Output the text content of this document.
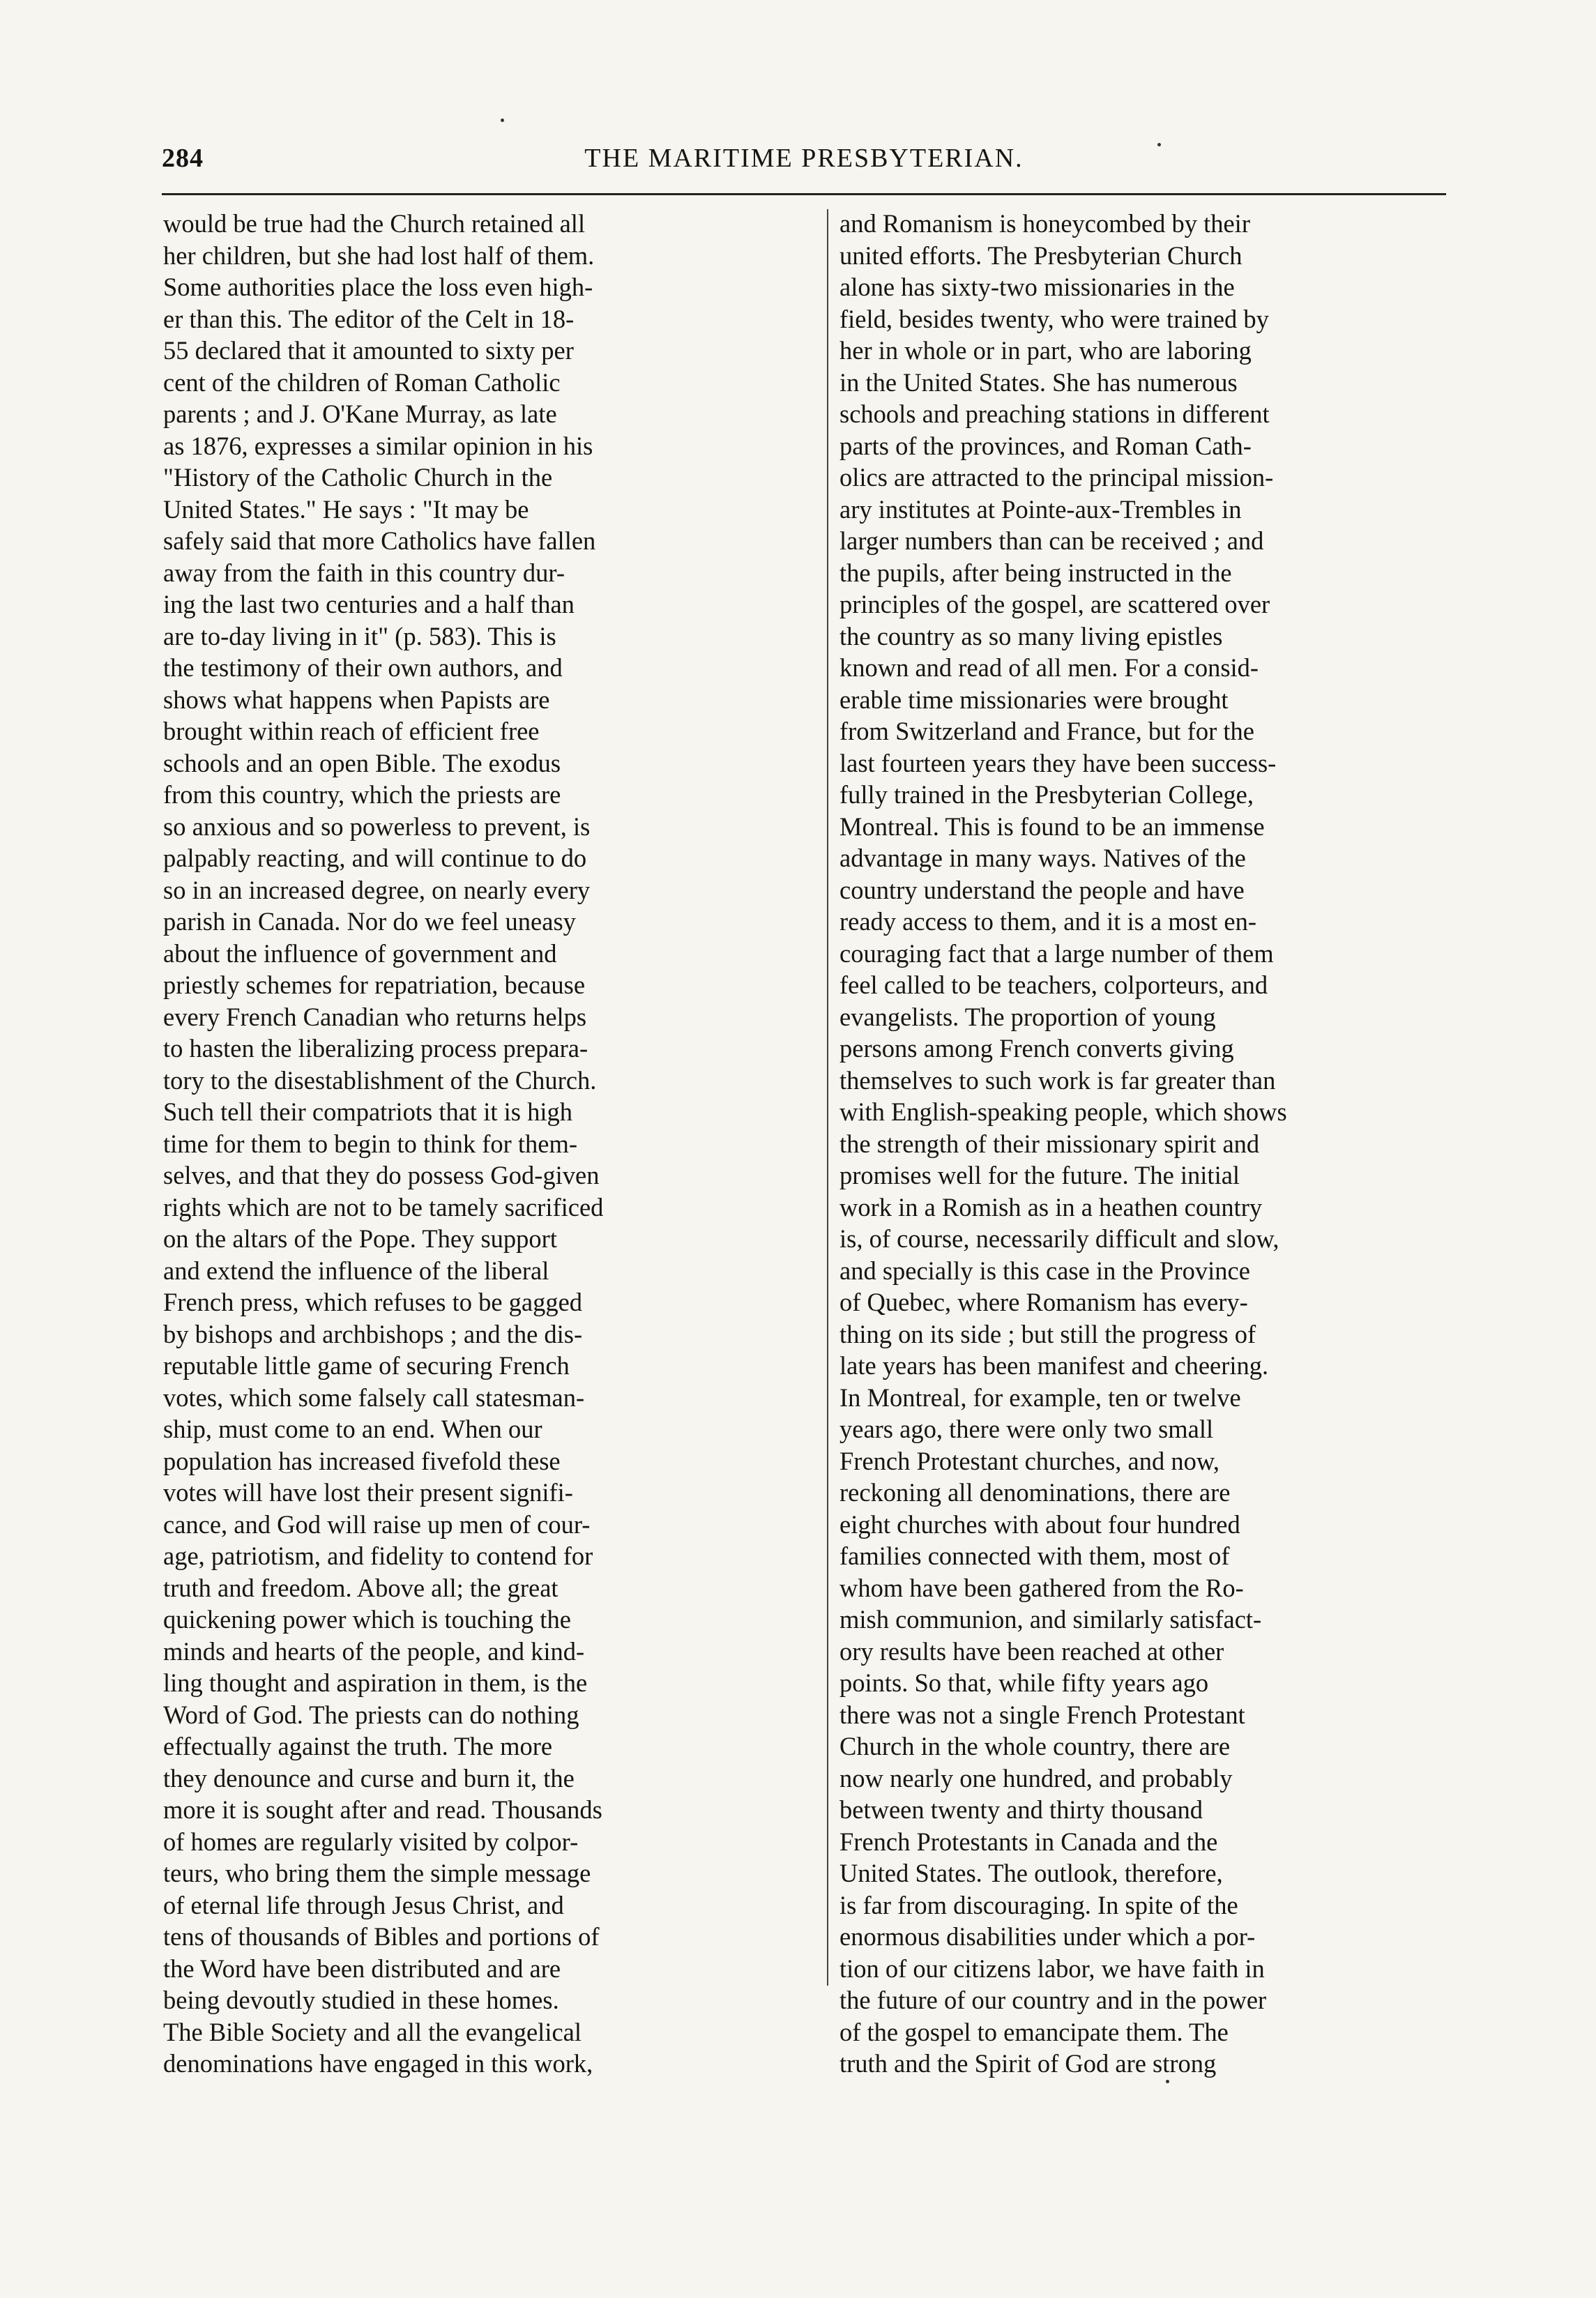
284	THE MARITIME PRESBYTERIAN.
would be true had the Church retained all
her children, but she had lost half of them.
Some authorities place the loss even high-
er than this. The editor of the Celt in 18-
55 declared that it amounted to sixty per
cent of the children of Roman Catholic
parents ; and J. O'Kane Murray, as late
as 1876, expresses a similar opinion in his
"History of the Catholic Church in the
United States." He says : "It may be
safely said that more Catholics have fallen
away from the faith in this country dur-
ing the last two centuries and a half than
are to-day living in it" (p. 583). This is
the testimony of their own authors, and
shows what happens when Papists are
brought within reach of efficient free
schools and an open Bible. The exodus
from this country, which the priests are
so anxious and so powerless to prevent, is
palpably reacting, and will continue to do
so in an increased degree, on nearly every
parish in Canada. Nor do we feel uneasy
about the influence of government and
priestly schemes for repatriation, because
every French Canadian who returns helps
to hasten the liberalizing process prepara-
tory to the disestablishment of the Church.
Such tell their compatriots that it is high
time for them to begin to think for them-
selves, and that they do possess God-given
rights which are not to be tamely sacrificed
on the altars of the Pope. They support
and extend the influence of the liberal
French press, which refuses to be gagged
by bishops and archbishops ; and the dis-
reputable little game of securing French
votes, which some falsely call statesman-
ship, must come to an end. When our
population has increased fivefold these
votes will have lost their present signifi-
cance, and God will raise up men of cour-
age, patriotism, and fidelity to contend for
truth and freedom. Above all; the great
quickening power which is touching the
minds and hearts of the people, and kind-
ling thought and aspiration in them, is the
Word of God. The priests can do nothing
effectually against the truth. The more
they denounce and curse and burn it, the
more it is sought after and read. Thousands
of homes are regularly visited by colpor-
teurs, who bring them the simple message
of eternal life through Jesus Christ, and
tens of thousands of Bibles and portions of
the Word have been distributed and are
being devoutly studied in these homes.
The Bible Society and all the evangelical
denominations have engaged in this work,
and Romanism is honeycombed by their
united efforts. The Presbyterian Church
alone has sixty-two missionaries in the
field, besides twenty, who were trained by
her in whole or in part, who are laboring
in the United States. She has numerous
schools and preaching stations in different
parts of the provinces, and Roman Cath-
olics are attracted to the principal mission-
ary institutes at Pointe-aux-Trembles in
larger numbers than can be received ; and
the pupils, after being instructed in the
principles of the gospel, are scattered over
the country as so many living epistles
known and read of all men. For a consid-
erable time missionaries were brought
from Switzerland and France, but for the
last fourteen years they have been success-
fully trained in the Presbyterian College,
Montreal. This is found to be an immense
advantage in many ways. Natives of the
country understand the people and have
ready access to them, and it is a most en-
couraging fact that a large number of them
feel called to be teachers, colporteurs, and
evangelists. The proportion of young
persons among French converts giving
themselves to such work is far greater than
with English-speaking people, which shows
the strength of their missionary spirit and
promises well for the future. The initial
work in a Romish as in a heathen country
is, of course, necessarily difficult and slow,
and specially is this case in the Province
of Quebec, where Romanism has every-
thing on its side ; but still the progress of
late years has been manifest and cheering.
In Montreal, for example, ten or twelve
years ago, there were only two small
French Protestant churches, and now,
reckoning all denominations, there are
eight churches with about four hundred
families connected with them, most of
whom have been gathered from the Ro-
mish communion, and similarly satisfact-
ory results have been reached at other
points. So that, while fifty years ago
there was not a single French Protestant
Church in the whole country, there are
now nearly one hundred, and probably
between twenty and thirty thousand
French Protestants in Canada and the
United States. The outlook, therefore,
is far from discouraging. In spite of the
enormous disabilities under which a por-
tion of our citizens labor, we have faith in
the future of our country and in the power
of the gospel to emancipate them. The
truth and the Spirit of God are strong
